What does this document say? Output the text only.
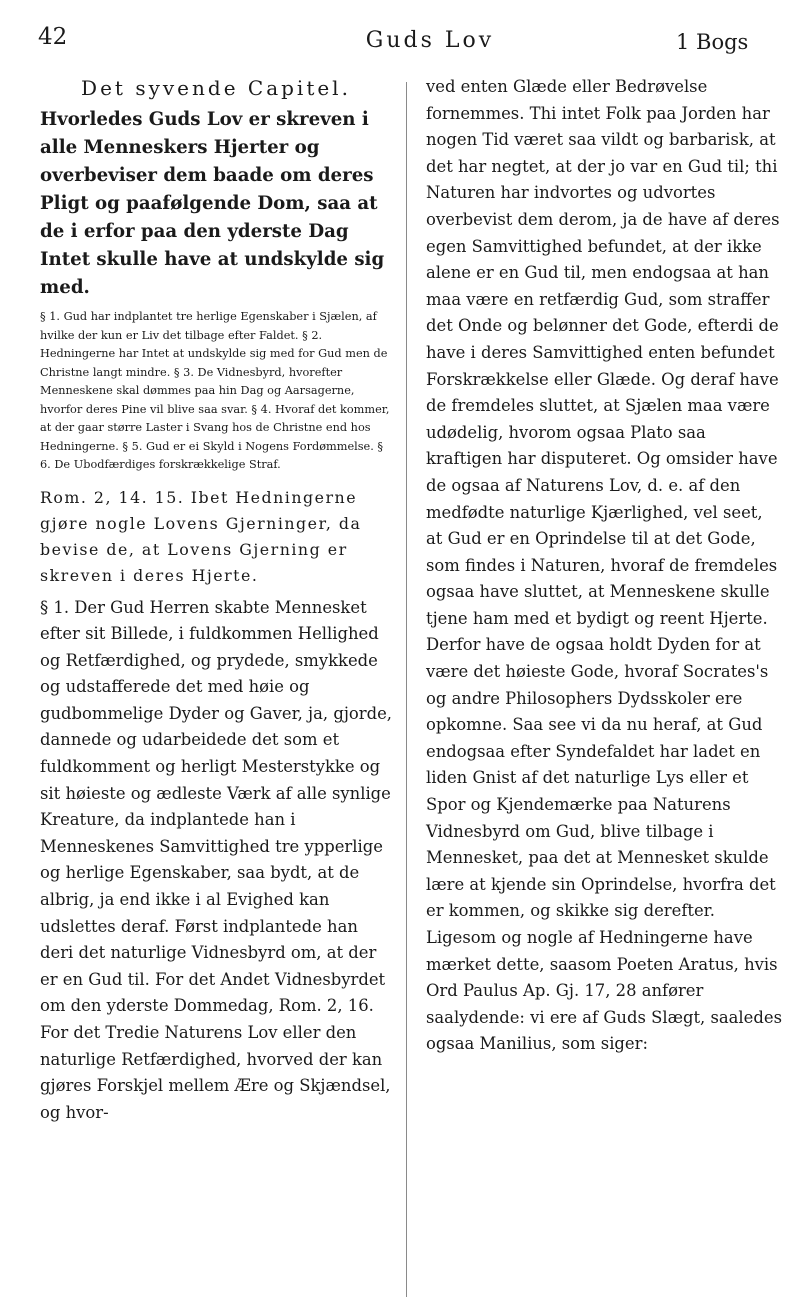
42	Guds Lov	1 Bogs
Det syvende Capitel.
Hvorledes Guds Lov er skreven i alle Menneskers Hjerter og overbeviser dem baade om deres Pligt og paafølgende Dom, saa at de i erfor paa den yderste Dag Intet skulle have at undskylde sig med.

§ 1. Gud har indplantet tre herlige Egenskaber i Sjælen, af hvilke der kun er Liv det tilbage efter Faldet. § 2. Hedningerne har Intet at undskylde sig med for Gud men de Christne langt mindre. § 3. De Vidnesbyrd, hvorefter Menneskene skal dømmes paa hin Dag og Aarsagerne, hvorfor deres Pine vil blive saa svar. § 4. Hvoraf det kommer, at der gaar større Laster i Svang hos de Christne end hos Hedningerne. § 5. Gud er ei Skyld i Nogens Fordømmelse. § 6. De Ubodfærdiges forskrækkelige Straf.

Rom. 2, 14. 15. Ibet Hedningerne gjøre nogle Lovens Gjerninger, da bevise de, at Lovens Gjerning er skreven i deres Hjerte.

§ 1. Der Gud Herren skabte Mennesket efter sit Billede, i fuldkommen Hellighed og Retfærdighed, og prydede, smykkede og udstafferede det med høie og gudbommelige Dyder og Gaver, ja, gjorde, dannede og udarbeidede det som et fuldkomment og herligt Mesterstykke og sit høieste og ædleste Værk af alle synlige Kreature, da indplantede han i Menneskenes Samvittighed tre ypperlige og herlige Egenskaber, saa bydt, at de albrig, ja end ikke i al Evighed kan udslettes deraf. Først indplantede han deri det naturlige Vidnesbyrd om, at der er en Gud til. For det Andet Vidnesbyrdet om den yderste Dommedag, Rom. 2, 16. For det Tredie Naturens Lov eller den naturlige Retfærdighed, hvorved der kan gjøres Forskjel mellem Ære og Skjændsel, og hvor-

ved enten Glæde eller Bedrøvelse fornemmes. Thi intet Folk paa Jorden har nogen Tid været saa vildt og barbarisk, at det har negtet, at der jo var en Gud til; thi Naturen har indvortes og udvortes overbevist dem derom, ja de have af deres egen Samvittighed befundet, at der ikke alene er en Gud til, men endogsaa at han maa være en retfærdig Gud, som straffer det Onde og belønner det Gode, efterdi de have i deres Samvittighed enten befundet Forskrækkelse eller Glæde. Og deraf have de fremdeles sluttet, at Sjælen maa være udødelig, hvorom ogsaa Plato saa kraftigen har disputeret. Og omsider have de ogsaa af Naturens Lov, d. e. af den medfødte naturlige Kjærlighed, vel seet, at Gud er en Oprindelse til at det Gode, som findes i Naturen, hvoraf de fremdeles ogsaa have sluttet, at Menneskene skulle tjene ham med et bydigt og reent Hjerte. Derfor have de ogsaa holdt Dyden for at være det høieste Gode, hvoraf Socrates's og andre Philosophers Dydsskoler ere opkomne. Saa see vi da nu heraf, at Gud endogsaa efter Syndefaldet har ladet en liden Gnist af det naturlige Lys eller et Spor og Kjendemærke paa Naturens Vidnesbyrd om Gud, blive tilbage i Mennesket, paa det at Mennesket skulde lære at kjende sin Oprindelse, hvorfra det er kommen, og skikke sig derefter. Ligesom og nogle af Hedningerne have mærket dette, saasom Poeten Aratus, hvis Ord Paulus Ap. Gj. 17, 28 anfører saalydende: vi ere af Guds Slægt, saaledes ogsaa Manilius, som siger:
